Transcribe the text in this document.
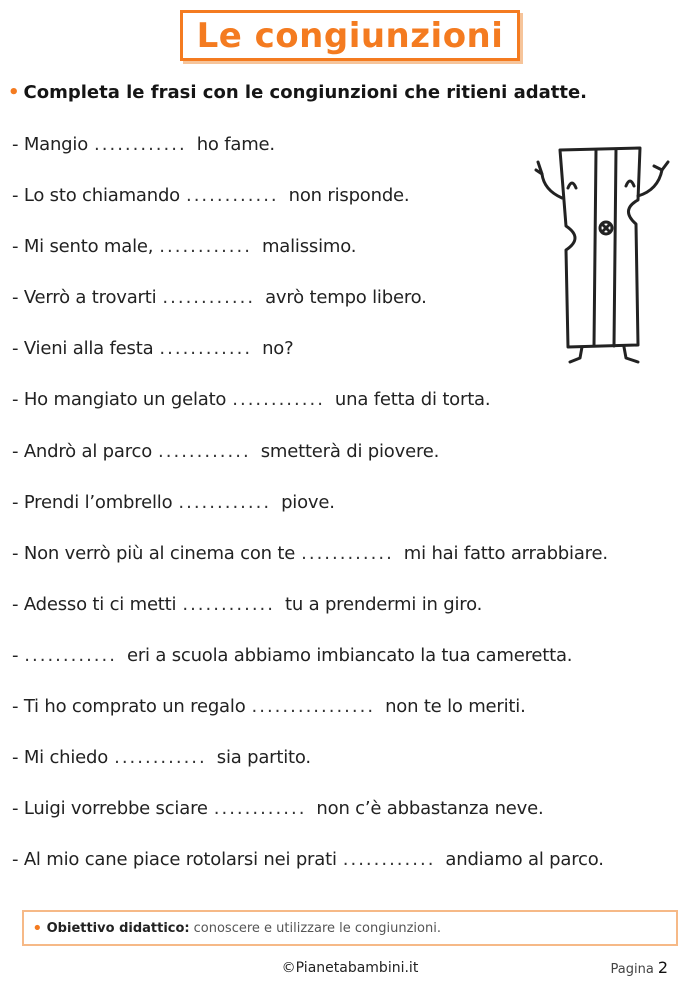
Le congiunzioni
• Completa le frasi con le congiunzioni che ritieni adatte.
- Mangio ............ ho fame.
- Lo sto chiamando ............ non risponde.
- Mi sento male, ............ malissimo.
- Verrò a trovarti ............ avrò tempo libero.
- Vieni alla festa ............ no?
- Ho mangiato un gelato ............ una fetta di torta.
- Andrò al parco ............ smetterà di piovere.
- Prendi l’ombrello ............ piove.
- Non verrò più al cinema con te ............ mi hai fatto arrabbiare.
- Adesso ti ci metti ............ tu a prendermi in giro.
- ............ eri a scuola abbiamo imbiancato la tua cameretta.
- Ti ho comprato un regalo ................ non te lo meriti.
- Mi chiedo ............ sia partito.
- Luigi vorrebbe sciare ............ non c’è abbastanza neve.
- Al mio cane piace rotolarsi nei prati ............ andiamo al parco.
• Obiettivo didattico: conoscere e utilizzare le congiunzioni.
©Pianetabambini.it	Pagina 2
